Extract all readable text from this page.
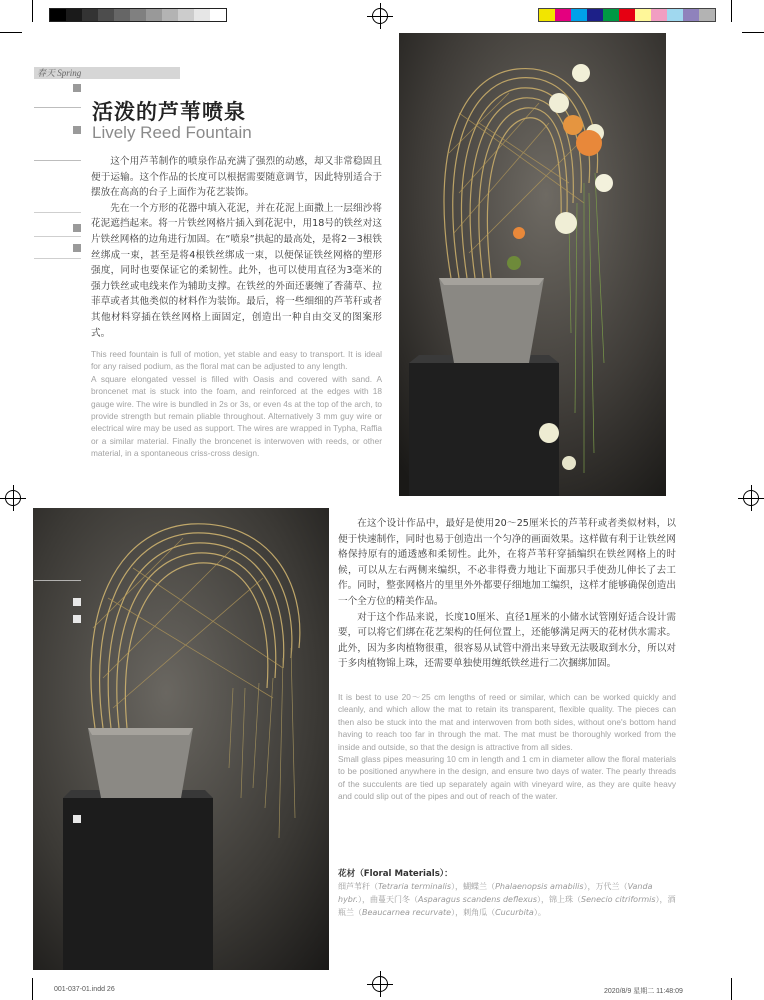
春天 Spring
活泼的芦苇喷泉
Lively Reed Fountain

这个用芦苇制作的喷泉作品充满了强烈的动感，却又非常稳固且便于运输。这个作品的长度可以根据需要随意调节，因此特别适合于摆放在高高的台子上面作为花艺装饰。

先在一个方形的花器中填入花泥，并在花泥上面撒上一层细沙将花泥遮挡起来。将一片铁丝网格片插入到花泥中，用18号的铁丝对这片铁丝网格的边角进行加固。在“喷泉”拱起的最高处，是将2－3根铁丝绑成一束，甚至是将4根铁丝绑成一束，以便保证铁丝网格的塑形强度，同时也要保证它的柔韧性。此外，也可以使用直径为3毫米的强力铁丝或电线来作为辅助支撑。在铁丝的外面还裹缠了香蒲草、拉菲草或者其他类似的材料作为装饰。最后，将一些细细的芦苇秆或者其他材料穿插在铁丝网格上面固定，创造出一种自由交叉的图案形式。

This reed fountain is full of motion, yet stable and easy to transport. It is ideal for any raised podium, as the floral mat can be adjusted to any length.

A square elongated vessel is filled with Oasis and covered with sand. A broncenet mat is stuck into the foam, and reinforced at the edges with 18 gauge wire. The wire is bundled in 2s or 3s, or even 4s at the top of the arch, to provide strength but remain pliable throughout. Alternatively 3 mm guy wire or electrical wire may be used as support. The wires are wrapped in Typha, Raffia or a similar material. Finally the broncenet is interwoven with reeds, or other material, in a spontaneous criss-cross design.

在这个设计作品中，最好是使用20～25厘米长的芦苇秆或者类似材料，以便于快速制作，同时也易于创造出一个匀净的画面效果。这样做有利于让铁丝网格保持原有的通透感和柔韧性。此外，在将芦苇秆穿插编织在铁丝网格上的时候，可以从左右两侧来编织，不必非得费力地让下面那只手使劲儿伸长了去工作。同时，整张网格片的里里外外都要仔细地加工编织，这样才能够确保创造出一个全方位的精美作品。

对于这个作品来说，长度10厘米、直径1厘米的小储水试管刚好适合设计需要，可以将它们绑在花艺架构的任何位置上，还能够满足两天的花材供水需求。此外，因为多肉植物很重，很容易从试管中滑出来导致无法吸取到水分，所以对于多肉植物锦上珠，还需要单独使用缠纸铁丝进行二次捆绑加固。

It is best to use 20～25 cm lengths of reed or similar, which can be worked quickly and cleanly, and which allow the mat to retain its transparent, flexible quality. The pieces can then also be stuck into the mat and interwoven from both sides, without one's bottom hand having to reach too far in through the mat. The mat must be thoroughly worked from the inside and outside, so that the design is attractive from all sides.

Small glass pipes measuring 10 cm in length and 1 cm in diameter allow the floral materials to be positioned anywhere in the design, and ensure two days of water. The pearly threads of the succulents are tied up separately again with vineyard wire, as they are quite heavy and could slip out of the pipes and out of reach of the water.

花材（Floral Materials）：
细芦苇秆（Tetraria terminalis），蝴蝶兰（Phalaenopsis amabilis），万代兰（Vanda hybr.），曲蔓天门冬（Asparagus scandens deflexus），锦上珠（Senecio citriformis），酒瓶兰（Beaucarnea recurvate），刺角瓜（Cucurbita）。
001-037-01.indd 26	2020/8/9 星期二 11:48:09
